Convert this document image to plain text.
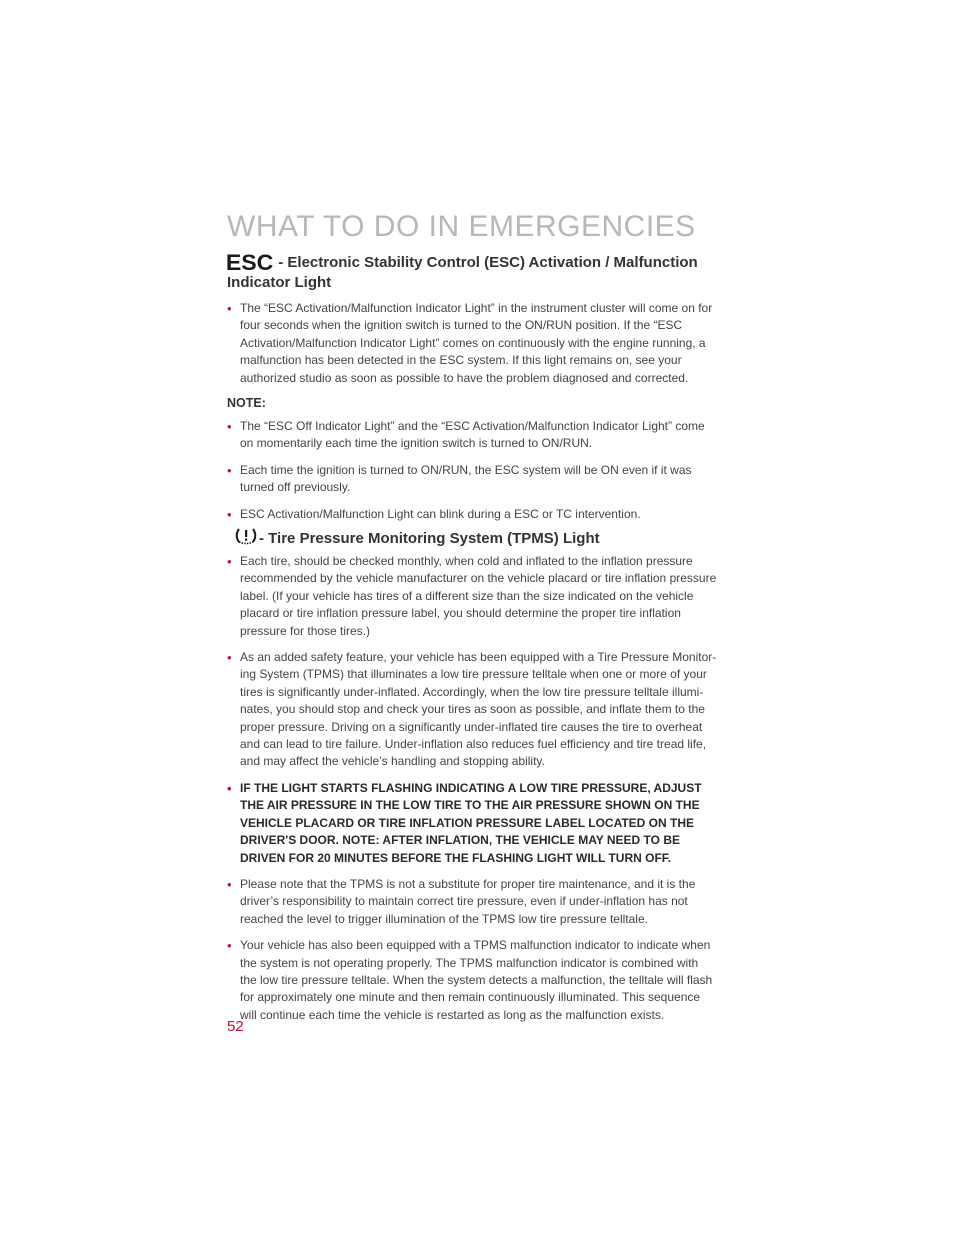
WHAT TO DO IN EMERGENCIES
ESC - Electronic Stability Control (ESC) Activation / Malfunction Indicator Light
• The “ESC Activation/Malfunction Indicator Light” in the instrument cluster will come on for four seconds when the ignition switch is turned to the ON/RUN position. If the “ESC Activation/Malfunction Indicator Light” comes on continuously with the engine running, a malfunction has been detected in the ESC system. If this light remains on, see your authorized studio as soon as possible to have the problem diagnosed and corrected.
NOTE:
• The “ESC Off Indicator Light” and the “ESC Activation/Malfunction Indicator Light” come on momentarily each time the ignition switch is turned to ON/RUN.
• Each time the ignition is turned to ON/RUN, the ESC system will be ON even if it was turned off previously.
• ESC Activation/Malfunction Light can blink during a ESC or TC intervention.
- Tire Pressure Monitoring System (TPMS) Light
• Each tire, should be checked monthly, when cold and inflated to the inflation pressure recommended by the vehicle manufacturer on the vehicle placard or tire inflation pressure label. (If your vehicle has tires of a different size than the size indicated on the vehicle placard or tire inflation pressure label, you should determine the proper tire inflation pressure for those tires.)
• As an added safety feature, your vehicle has been equipped with a Tire Pressure Monitor-ing System (TPMS) that illuminates a low tire pressure telltale when one or more of your tires is significantly under-inflated. Accordingly, when the low tire pressure telltale illumi-nates, you should stop and check your tires as soon as possible, and inflate them to the proper pressure. Driving on a significantly under-inflated tire causes the tire to overheat and can lead to tire failure. Under-inflation also reduces fuel efficiency and tire tread life, and may affect the vehicle’s handling and stopping ability.
• IF THE LIGHT STARTS FLASHING INDICATING A LOW TIRE PRESSURE, ADJUST THE AIR PRESSURE IN THE LOW TIRE TO THE AIR PRESSURE SHOWN ON THE VEHICLE PLACARD OR TIRE INFLATION PRESSURE LABEL LOCATED ON THE DRIVER'S DOOR. NOTE: AFTER INFLATION, THE VEHICLE MAY NEED TO BE DRIVEN FOR 20 MINUTES BEFORE THE FLASHING LIGHT WILL TURN OFF.
• Please note that the TPMS is not a substitute for proper tire maintenance, and it is the driver’s responsibility to maintain correct tire pressure, even if under-inflation has not reached the level to trigger illumination of the TPMS low tire pressure telltale.
• Your vehicle has also been equipped with a TPMS malfunction indicator to indicate when the system is not operating properly. The TPMS malfunction indicator is combined with the low tire pressure telltale. When the system detects a malfunction, the telltale will flash for approximately one minute and then remain continuously illuminated. This sequence will continue each time the vehicle is restarted as long as the malfunction exists.
52
